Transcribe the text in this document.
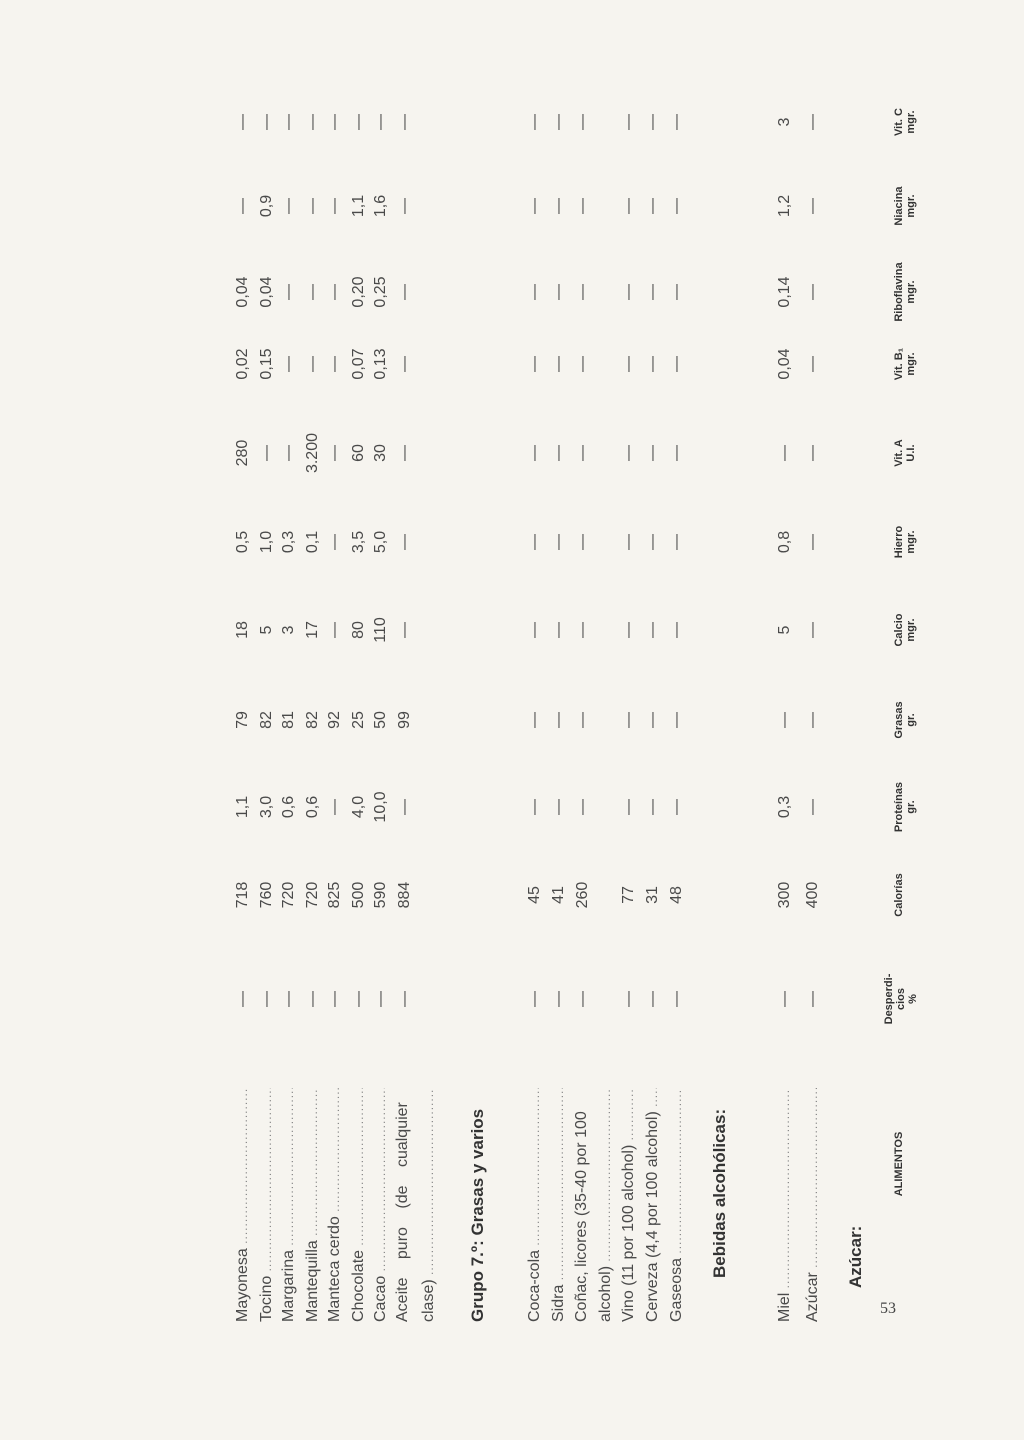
ALIMENTOS
Desperdi- cios %
Calorías
Proteínas gr.
Grasas gr.
Calcio mgr.
Hierro mgr.
Vit. A U.I.
Vit. B₁ mgr.
Riboflavina mgr.
Niacina mgr.
Vit. C mgr.
Azúcar:
Azúcar .....
—
400
—
—
—
—
—
—
—
—
—
Miel .....
—
300
0,3
—
5
0,8
—
0,04
0,14
1,2
3
Bebidas alcohólicas:
Gaseosa .....
—
48
—
—
—
—
—
—
—
—
—
Cerveza (4,4 por 100 alcohol) .....
—
31
—
—
—
—
—
—
—
—
—
Vino (11 por 100 alcohol) .....
—
77
—
—
—
—
—
—
—
—
—
Coñac, licores (35-40 por 100 alcohol) .....
—
260
—
—
—
—
—
—
—
—
—
Sidra .....
—
41
—
—
—
—
—
—
—
—
—
Coca-cola .....
—
45
—
—
—
—
—
—
—
—
—
Grupo 7.º: Grasas y varios
Aceite puro (de cualquier clase) .....
—
884
—
99
—
—
—
—
—
—
—
Cacao .....
—
590
10,0
50
110
5,0
30
0,13
0,25
1,6
—
Chocolate .....
—
500
4,0
25
80
3,5
60
0,07
0,20
1,1
—
Manteca cerdo .....
—
825
—
92
—
—
—
—
—
—
—
Mantequilla .....
—
720
0,6
82
17
0,1
3.200
—
—
—
—
Margarina .....
—
720
0,6
81
3
0,3
—
—
—
—
—
Tocino .....
—
760
3,0
82
5
1,0
—
0,15
0,04
0,9
—
Mayonesa .....
—
718
1,1
79
18
0,5
280
0,02
0,04
—
—
53
